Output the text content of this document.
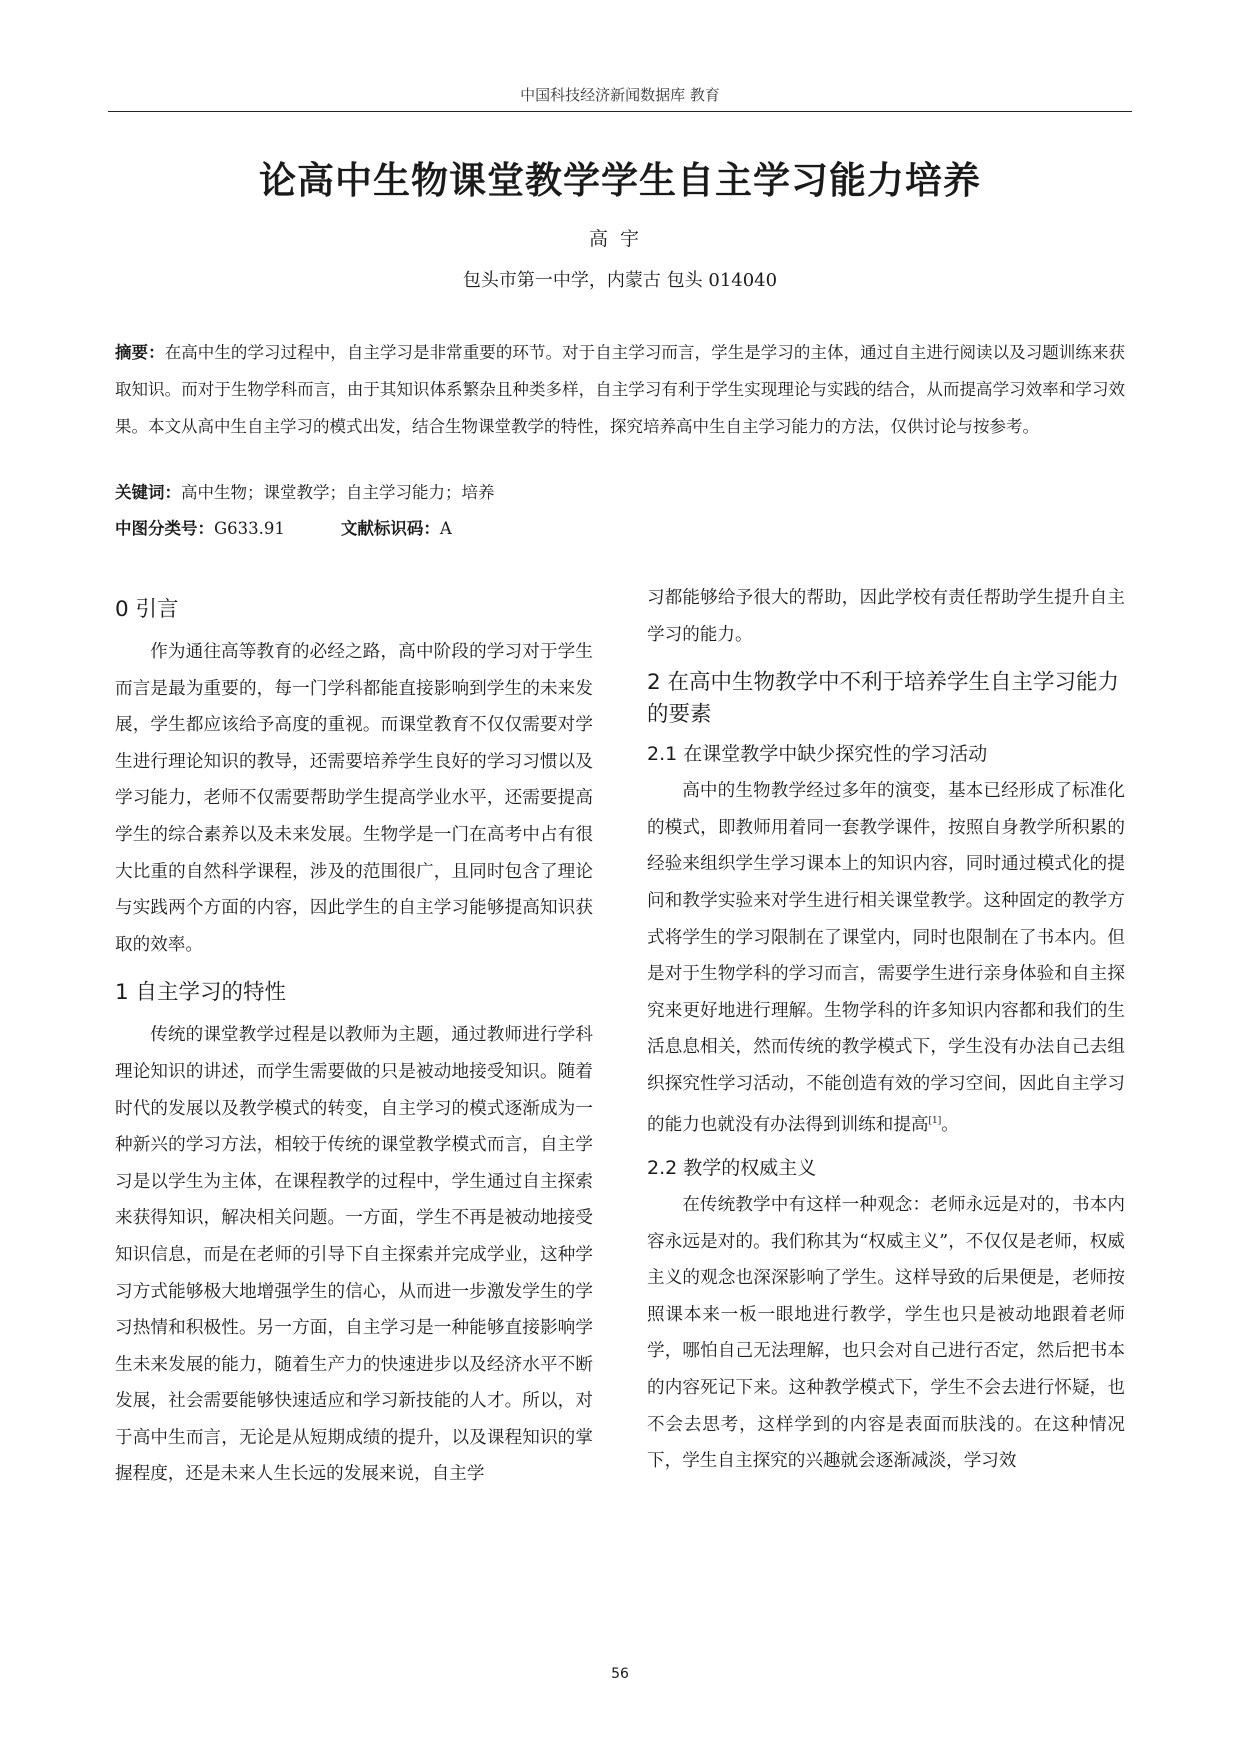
中国科技经济新闻数据库 教育
论高中生物课堂教学学生自主学习能力培养
高宇
包头市第一中学，内蒙古 包头 014040
摘要：在高中生的学习过程中，自主学习是非常重要的环节。对于自主学习而言，学生是学习的主体，通过自主进行阅读以及习题训练来获取知识。而对于生物学科而言，由于其知识体系繁杂且种类多样，自主学习有利于学生实现理论与实践的结合，从而提高学习效率和学习效果。本文从高中生自主学习的模式出发，结合生物课堂教学的特性，探究培养高中生自主学习能力的方法，仅供讨论与按参考。
关键词：高中生物；课堂教学；自主学习能力；培养
中图分类号：G633.91	文献标识码：A
0 引言

作为通往高等教育的必经之路，高中阶段的学习对于学生而言是最为重要的，每一门学科都能直接影响到学生的未来发展，学生都应该给予高度的重视。而课堂教育不仅仅需要对学生进行理论知识的教导，还需要培养学生良好的学习习惯以及学习能力，老师不仅需要帮助学生提高学业水平，还需要提高学生的综合素养以及未来发展。生物学是一门在高考中占有很大比重的自然科学课程，涉及的范围很广，且同时包含了理论与实践两个方面的内容，因此学生的自主学习能够提高知识获取的效率。

1 自主学习的特性

传统的课堂教学过程是以教师为主题，通过教师进行学科理论知识的讲述，而学生需要做的只是被动地接受知识。随着时代的发展以及教学模式的转变，自主学习的模式逐渐成为一种新兴的学习方法，相较于传统的课堂教学模式而言，自主学习是以学生为主体，在课程教学的过程中，学生通过自主探索来获得知识，解决相关问题。一方面，学生不再是被动地接受知识信息，而是在老师的引导下自主探索并完成学业，这种学习方式能够极大地增强学生的信心，从而进一步激发学生的学习热情和积极性。另一方面，自主学习是一种能够直接影响学生未来发展的能力，随着生产力的快速进步以及经济水平不断发展，社会需要能够快速适应和学习新技能的人才。所以，对于高中生而言，无论是从短期成绩的提升，以及课程知识的掌握程度，还是未来人生长远的发展来说，自主学

习都能够给予很大的帮助，因此学校有责任帮助学生提升自主学习的能力。

2 在高中生物教学中不利于培养学生自主学习能力的要素
2.1 在课堂教学中缺少探究性的学习活动

高中的生物教学经过多年的演变，基本已经形成了标准化的模式，即教师用着同一套教学课件，按照自身教学所积累的经验来组织学生学习课本上的知识内容，同时通过模式化的提问和教学实验来对学生进行相关课堂教学。这种固定的教学方式将学生的学习限制在了课堂内，同时也限制在了书本内。但是对于生物学科的学习而言，需要学生进行亲身体验和自主探究来更好地进行理解。生物学科的许多知识内容都和我们的生活息息相关，然而传统的教学模式下，学生没有办法自己去组织探究性学习活动，不能创造有效的学习空间，因此自主学习的能力也就没有办法得到训练和提高[1]。

2.2 教学的权威主义

在传统教学中有这样一种观念：老师永远是对的，书本内容永远是对的。我们称其为“权威主义”，不仅仅是老师，权威主义的观念也深深影响了学生。这样导致的后果便是，老师按照课本来一板一眼地进行教学，学生也只是被动地跟着老师学，哪怕自己无法理解，也只会对自己进行否定，然后把书本的内容死记下来。这种教学模式下，学生不会去进行怀疑，也不会去思考，这样学到的内容是表面而肤浅的。在这种情况下，学生自主探究的兴趣就会逐渐减淡，学习效

56
